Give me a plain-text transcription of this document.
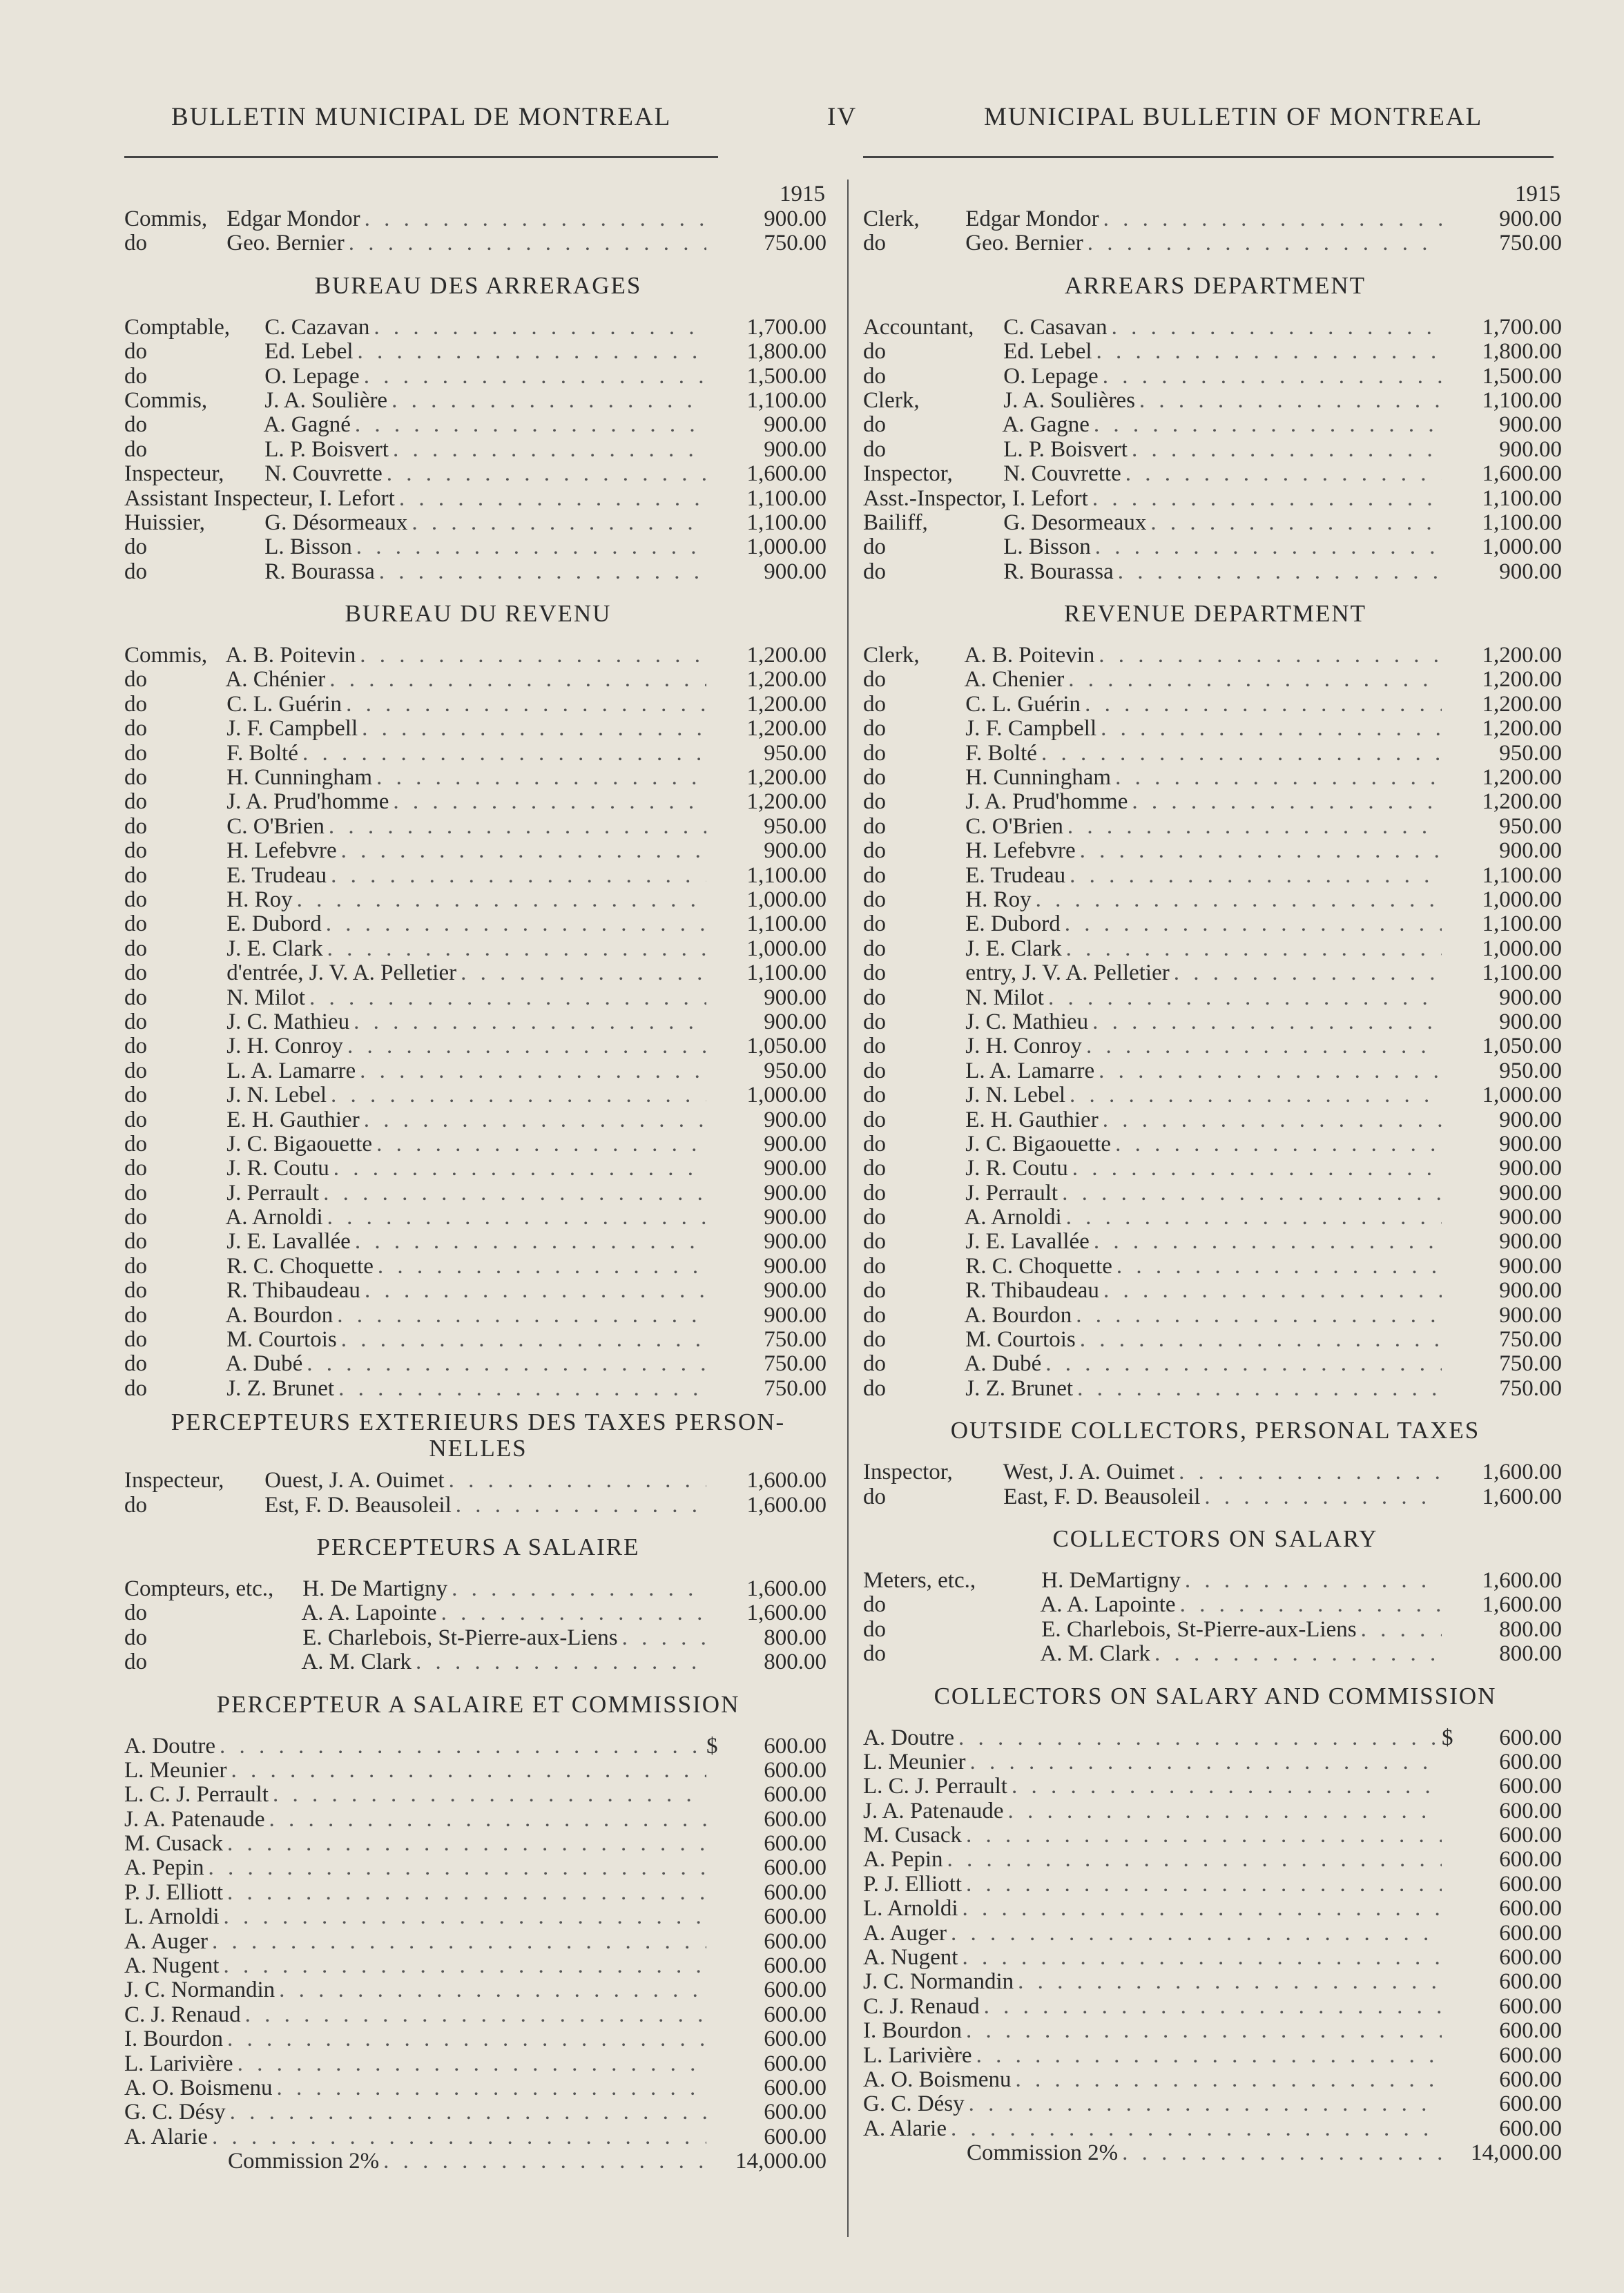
BULLETIN MUNICIPAL DE MONTREAL	IV	MUNICIPAL BULLETIN OF MONTREAL
1915
Commis, Edgar Mondor . . .	900.00
do	Geo. Bernier . . .	750.00
BUREAU DES ARRERAGES
Comptable, C. Cazavan . . .	1,700.00
do	Ed. Lebel . . .	1,800.00
do	O. Lepage . . .	1,500.00
Commis,	J. A. Soulière . . .	1,100.00
do	A. Gagné . . .	900.00
do	L. P. Boisvert . . .	900.00
Inspecteur, N. Couvrette . . .	1,600.00
Assistant Inspecteur, I. Lefort . . .	1,100.00
Huissier,	G. Désormeaux . . .	1,100.00
do	L. Bisson . . .	1,000.00
do	R. Bourassa . . .	900.00
BUREAU DU REVENU
Commis, A. B. Poitevin . . .	1,200.00
do	A. Chénier . . .	1,200.00
do	C. L. Guérin . . .	1,200.00
do	J. F. Campbell . . .	1,200.00
do	F. Bolté . . .	950.00
do	H. Cunningham . . .	1,200.00
do	J. A. Prud'homme . . .	1,200.00
do	C. O'Brien . . .	950.00
do	H. Lefebvre . . .	900.00
do	E. Trudeau . . .	1,100.00
do	H. Roy . . .	1,000.00
do	E. Dubord . . .	1,100.00
do	J. E. Clark . . .	1,000.00
do	d'entrée, J. V. A. Pelletier . . .	1,100.00
do	N. Milot . . .	900.00
do	J. C. Mathieu . . .	900.00
do	J. H. Conroy . . .	1,050.00
do	L. A. Lamarre . . .	950.00
do	J. N. Lebel . . .	1,000.00
do	E. H. Gauthier . . .	900.00
do	J. C. Bigaouette . . .	900.00
do	J. R. Coutu . . .	900.00
do	J. Perrault . . .	900.00
do	A. Arnoldi . . .	900.00
do	J. E. Lavallée . . .	900.00
do	R. C. Choquette . . .	900.00
do	R. Thibaudeau . . .	900.00
do	A. Bourdon . . .	900.00
do	M. Courtois . . .	750.00
do	A. Dubé . . .	750.00
do	J. Z. Brunet . . .	750.00
PERCEPTEURS EXTERIEURS DES TAXES PERSON-NELLES
Inspecteur, Ouest, J. A. Ouimet . . .	1,600.00
do	Est, F. D. Beausoleil . . .	1,600.00
PERCEPTEURS A SALAIRE
Compteurs, etc., H. De Martigny . . .	1,600.00
do	A. A. Lapointe . . .	1,600.00
do	E. Charlebois, St-Pierre-aux-Liens . . .	800.00
do	A. M. Clark . . .	800.00
PERCEPTEUR A SALAIRE ET COMMISSION
A. Doutre . . .	$	600.00
L. Meunier . . .	600.00
L. C. J. Perrault . . .	600.00
J. A. Patenaude . . .	600.00
M. Cusack . . .	600.00
A. Pepin . . .	600.00
P. J. Elliott . . .	600.00
L. Arnoldi . . .	600.00
A. Auger . . .	600.00
A. Nugent . . .	600.00
J. C. Normandin . . .	600.00
C. J. Renaud . . .	600.00
I. Bourdon . . .	600.00
L. Larivière . . .	600.00
A. O. Boismenu . . .	600.00
G. C. Désy . . .	600.00
A. Alarie . . .	600.00
Commission 2% . . .	14,000.00
1915
Clerk, Edgar Mondor . . .	900.00
do	Geo. Bernier . . .	750.00
ARREARS DEPARTMENT
Accountant, C. Casavan . . .	1,700.00
do	Ed. Lebel . . .	1,800.00
do	O. Lepage . . .	1,500.00
Clerk,	J. A. Soulières . . .	1,100.00
do	A. Gagne . . .	900.00
do	L. P. Boisvert . . .	900.00
Inspector, N. Couvrette . . .	1,600.00
Asst.-Inspector, I. Lefort . . .	1,100.00
Bailiff,	G. Desormeaux . . .	1,100.00
do	L. Bisson . . .	1,000.00
do	R. Bourassa . . .	900.00
REVENUE DEPARTMENT
Clerk, A. B. Poitevin . . .	1,200.00
do	A. Chenier . . .	1,200.00
do	C. L. Guérin . . .	1,200.00
do	J. F. Campbell . . .	1,200.00
do	F. Bolté . . .	950.00
do	H. Cunningham . . .	1,200.00
do	J. A. Prud'homme . . .	1,200.00
do	C. O'Brien . . .	950.00
do	H. Lefebvre . . .	900.00
do	E. Trudeau . . .	1,100.00
do	H. Roy . . .	1,000.00
do	E. Dubord . . .	1,100.00
do	J. E. Clark . . .	1,000.00
do	entry, J. V. A. Pelletier . . .	1,100.00
do	N. Milot . . .	900.00
do	J. C. Mathieu . . .	900.00
do	J. H. Conroy . . .	1,050.00
do	L. A. Lamarre . . .	950.00
do	J. N. Lebel . . .	1,000.00
do	E. H. Gauthier . . .	900.00
do	J. C. Bigaouette . . .	900.00
do	J. R. Coutu . . .	900.00
do	J. Perrault . . .	900.00
do	A. Arnoldi . . .	900.00
do	J. E. Lavallée . . .	900.00
do	R. C. Choquette . . .	900.00
do	R. Thibaudeau . . .	900.00
do	A. Bourdon . . .	900.00
do	M. Courtois . . .	750.00
do	A. Dubé . . .	750.00
do	J. Z. Brunet . . .	750.00
OUTSIDE COLLECTORS, PERSONAL TAXES
Inspector, West, J. A. Ouimet . . .	1,600.00
do	East, F. D. Beausoleil . . .	1,600.00
COLLECTORS ON SALARY
Meters, etc.,	H. DeMartigny . . .	1,600.00
do	A. A. Lapointe . . .	1,600.00
do	E. Charlebois, St-Pierre-aux-Liens . . .	800.00
do	A. M. Clark . . .	800.00
COLLECTORS ON SALARY AND COMMISSION
A. Doutre . . .	$	600.00
L. Meunier . . .	600.00
L. C. J. Perrault . . .	600.00
J. A. Patenaude . . .	600.00
M. Cusack . . .	600.00
A. Pepin . . .	600.00
P. J. Elliott . . .	600.00
L. Arnoldi . . .	600.00
A. Auger . . .	600.00
A. Nugent . . .	600.00
J. C. Normandin . . .	600.00
C. J. Renaud . . .	600.00
I. Bourdon . . .	600.00
L. Larivière . . .	600.00
A. O. Boismenu . . .	600.00
G. C. Désy . . .	600.00
A. Alarie . . .	600.00
Commission 2% . . .	14,000.00
